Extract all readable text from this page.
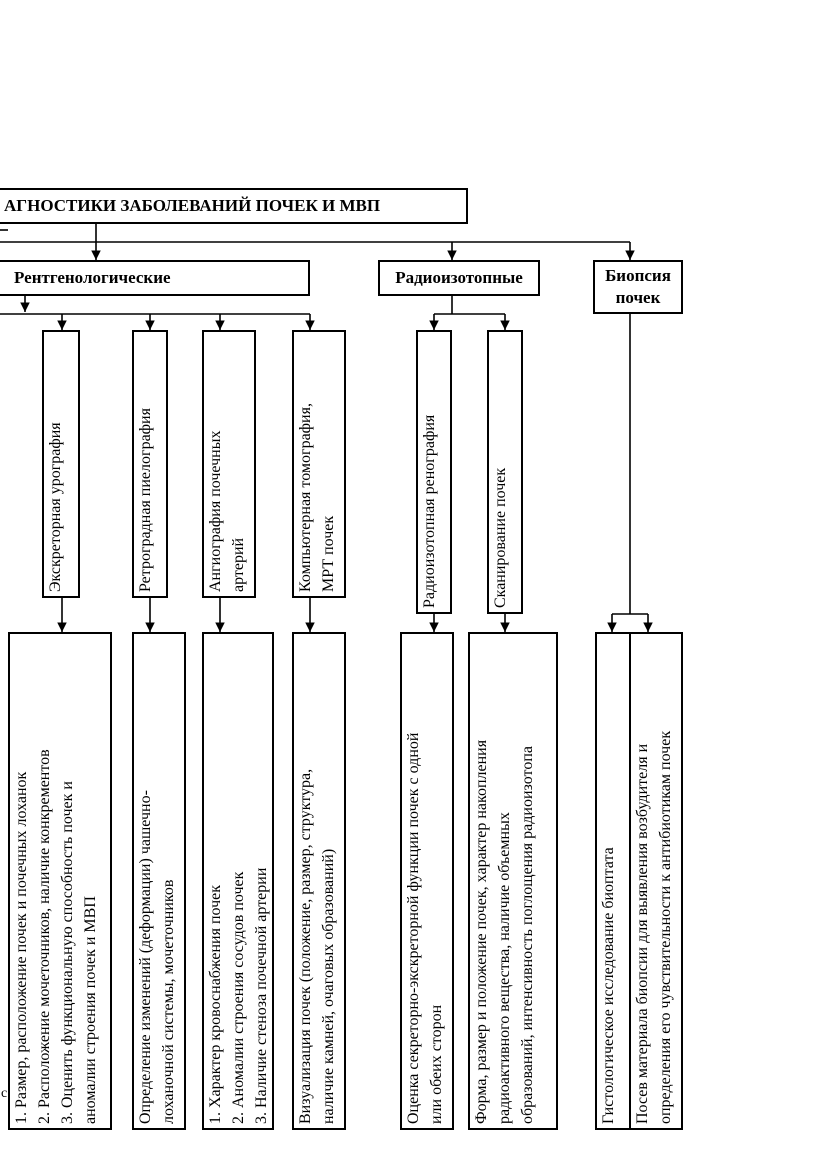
АГНОСТИКИ ЗАБОЛЕВАНИЙ ПОЧЕК И МВП
Рентгенологические	Радиоизотопные	Биопсия
почек
Экскреторная урография	Ретроградная пиелография	Ангиография почечных артерий	Компьютерная томография, МРТ почек	Радиоизотопная ренография	Сканирование почек
1. Размер, расположение почек и почечных лоханок 2. Расположение мочеточников, наличие конкрементов 3. Оценить функциональную способность почек и аномалии строения почек и МВП Определение изменений (деформации) чашечно- лоханочной системы, мочеточников 1. Характер кровоснабжения почек 2. Аномалии строения сосудов почек 3. Наличие стеноза почечной артерии Визуализация почек (положение, размер, структура, наличие камней, очаговых образований)	Оценка секреторно-экскреторной функции почек с одной или обеих сторон Форма, размер и положение почек, характер накопления радиоактивного вещества, наличие объемных образований, интенсивность поглощения радиоизотопа	Гистологическое исследование биоптата Посев материала биопсии для выявления возбудителя и определения его чувствительности к антибиотикам почек
с
